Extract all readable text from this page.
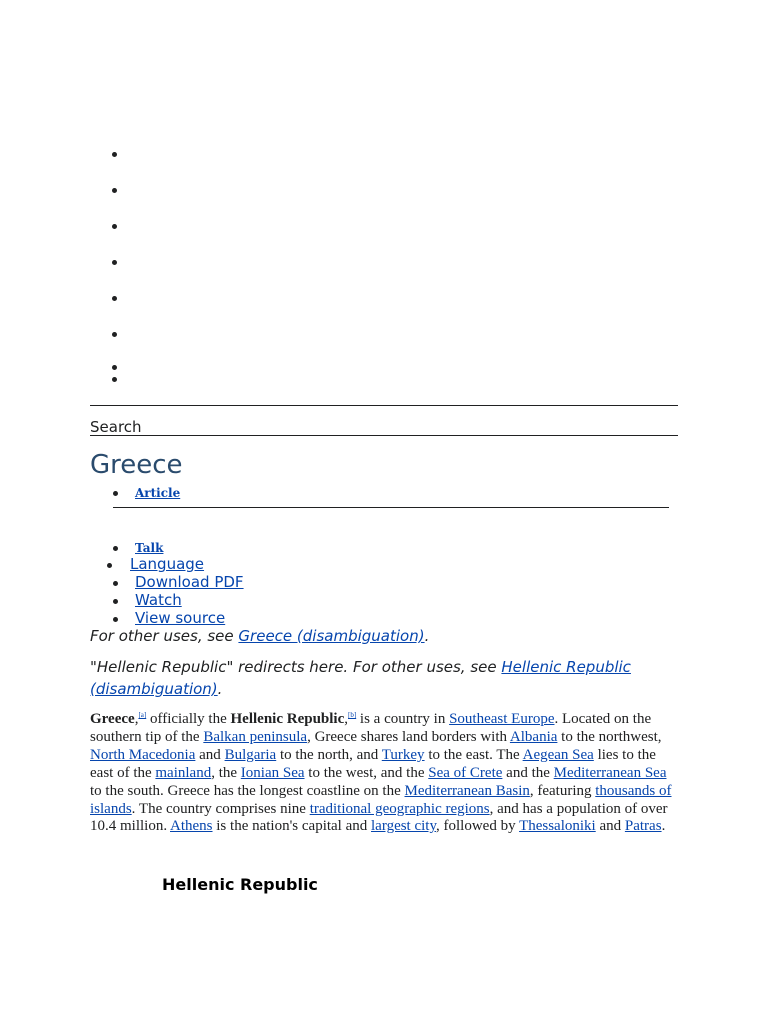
Search
Greece
Article
Talk
Language
Download PDF
Watch
View source
For other uses, see Greece (disambiguation).
"Hellenic Republic" redirects here. For other uses, see Hellenic Republic (disambiguation).

Greece,[a] officially the Hellenic Republic,[b] is a country in Southeast Europe. Located on the southern tip of the Balkan peninsula, Greece shares land borders with Albania to the northwest, North Macedonia and Bulgaria to the north, and Turkey to the east. The Aegean Sea lies to the east of the mainland, the Ionian Sea to the west, and the Sea of Crete and the Mediterranean Sea to the south. Greece has the longest coastline on the Mediterranean Basin, featuring thousands of islands. The country comprises nine traditional geographic regions, and has a population of over 10.4 million. Athens is the nation's capital and largest city, followed by Thessaloniki and Patras.

Hellenic Republic
